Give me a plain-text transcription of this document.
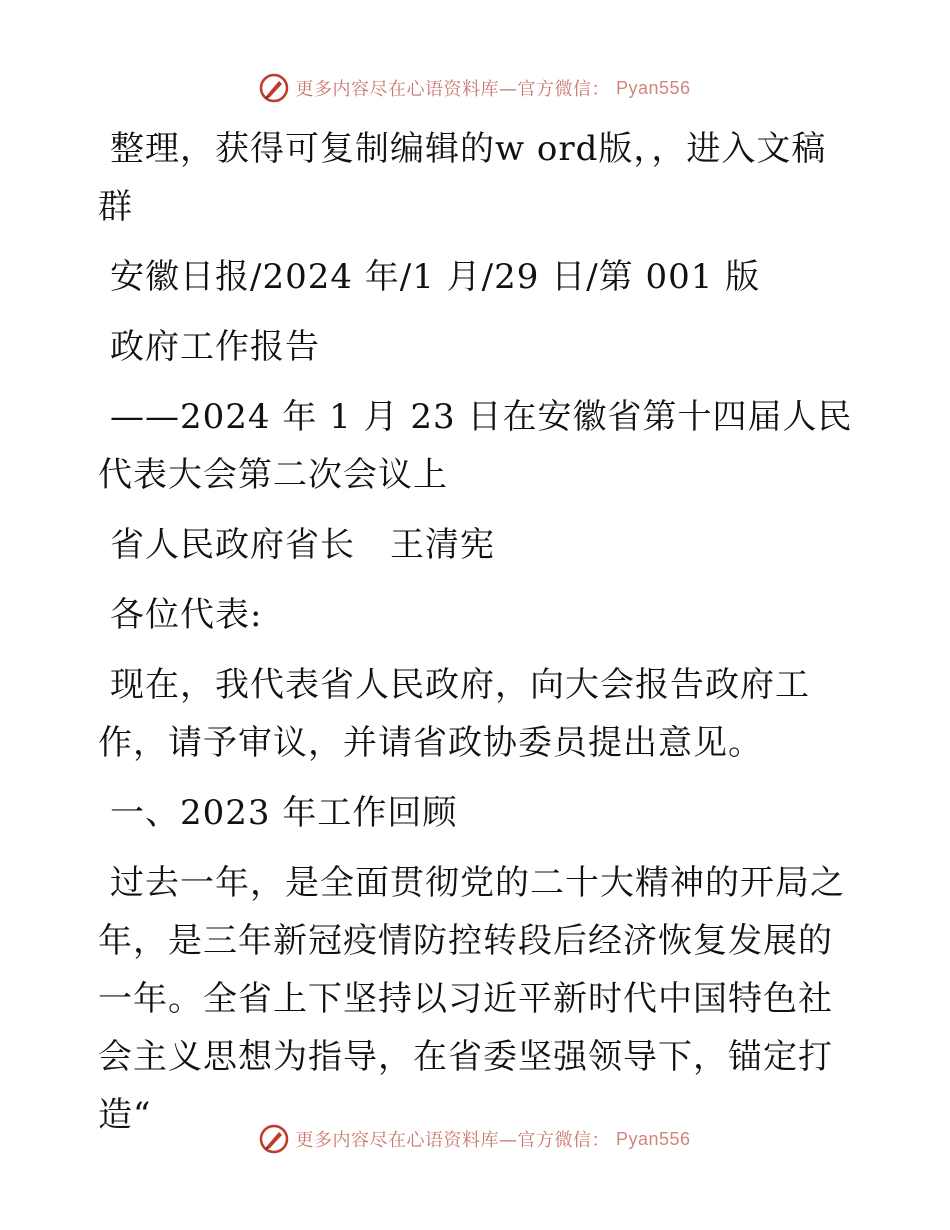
更多内容尽在心语资料库—官方微信： Pyan556

整理，获得可复制编辑的w ord版，，进入文稿群

安徽日报/2024 年/1 月/29 日/第 001 版

政府工作报告

——2024 年 1 月 23 日在安徽省第十四届人民代表大会第二次会议上

省人民政府省长　王清宪

各位代表:

现在，我代表省人民政府，向大会报告政府工作，请予审议，并请省政协委员提出意见。

一、2023 年工作回顾

过去一年，是全面贯彻党的二十大精神的开局之年，是三年新冠疫情防控转段后经济恢复发展的一年。全省上下坚持以习近平新时代中国特色社会主义思想为指导，在省委坚强领导下，锚定打造“

更多内容尽在心语资料库—官方微信： Pyan556
